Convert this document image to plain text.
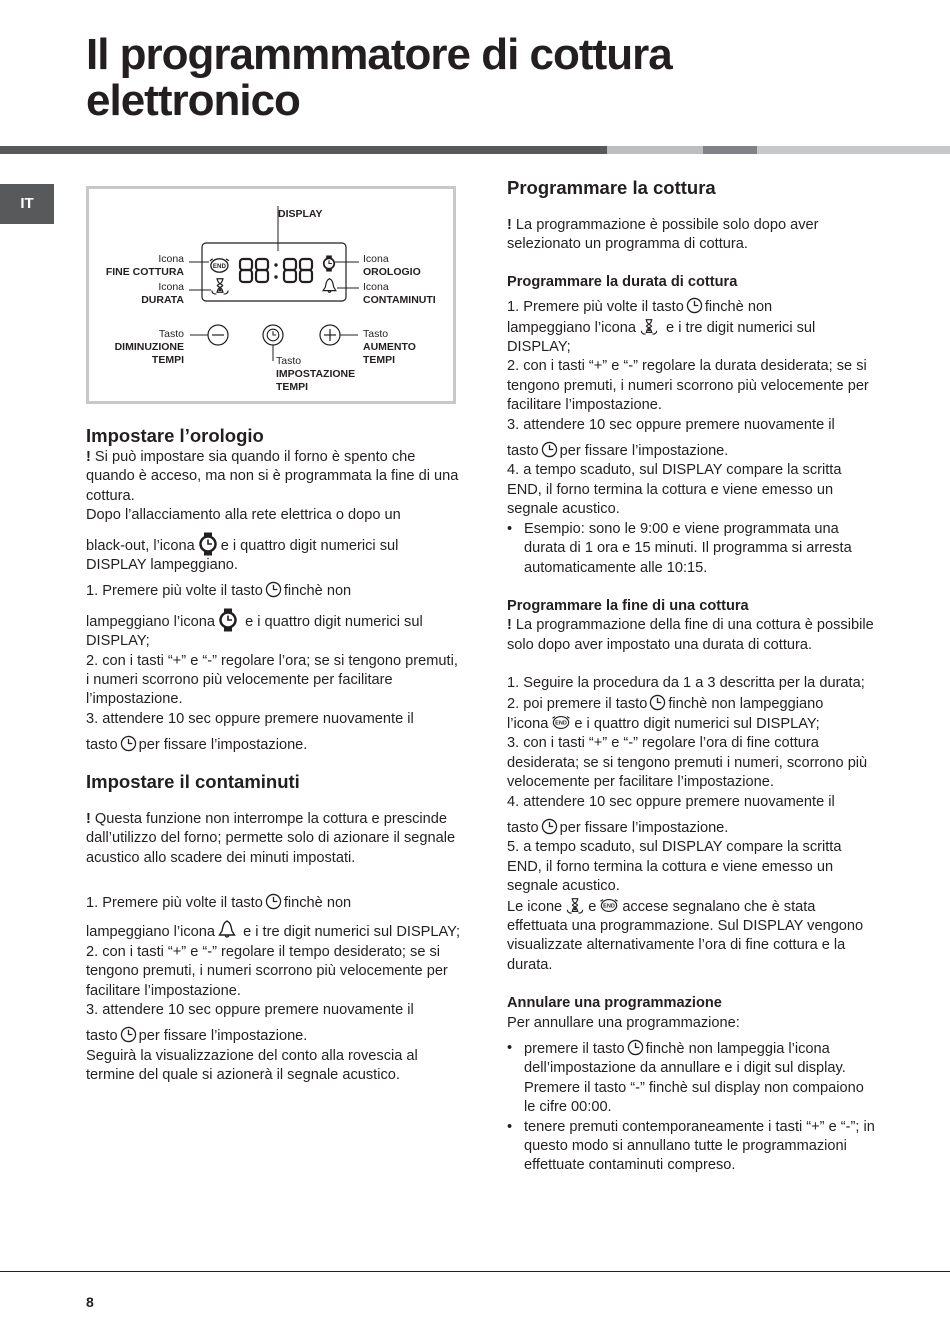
Il programmmatore di cottura
elettronico
IT
DISPLAY
Icona
FINE COTTURA
Icona
DURATA
Icona
OROLOGIO
Icona
CONTAMINUTI
Tasto
DIMINUZIONE
TEMPI
Tasto
AUMENTO
TEMPI
Tasto
IMPOSTAZIONE
TEMPI

Impostare l’orologio

! Si può impostare sia quando il forno è spento che quando è acceso, ma non si è programmata la fine di una cottura.

Dopo l’allacciamento alla rete elettrica o dopo un

black-out, l’icona e i quattro digit numerici sul DISPLAY lampeggiano.

1. Premere più volte il tasto finchè non

lampeggiano l’icona e i quattro digit numerici sul DISPLAY;

2. con i tasti “+” e “-” regolare l’ora; se si tengono premuti, i numeri scorrono più velocemente per facilitare l’impostazione.

3. attendere 10 sec oppure premere nuovamente il

tasto per fissare l’impostazione.

Impostare il contaminuti

! Questa funzione non interrompe la cottura e prescinde dall’utilizzo del forno; permette solo di azionare il segnale acustico allo scadere dei minuti impostati.

1. Premere più volte il tasto finchè non

lampeggiano l’icona e i tre digit numerici sul DISPLAY;

2. con i tasti “+” e “-” regolare il tempo desiderato; se si tengono premuti, i numeri scorrono più velocemente per facilitare l’impostazione.

3. attendere 10 sec oppure premere nuovamente il

tasto per fissare l’impostazione.

Seguirà la visualizzazione del conto alla rovescia al termine del quale si azionerà il segnale acustico.

Programmare la cottura

! La programmazione è possibile solo dopo aver selezionato un programma di cottura.

Programmare la durata di cottura

1. Premere più volte il tasto finchè non

lampeggiano l’icona e i tre digit numerici sul DISPLAY;

2. con i tasti “+” e “-” regolare la durata desiderata; se si tengono premuti, i numeri scorrono più velocemente per facilitare l’impostazione.

3. attendere 10 sec oppure premere nuovamente il

tasto per fissare l’impostazione.

4. a tempo scaduto, sul DISPLAY compare la scritta END, il forno termina la cottura e viene emesso un segnale acustico.

• Esempio: sono le 9:00 e viene programmata una durata di 1 ora e 15 minuti. Il programma si arresta automaticamente alle 10:15.

Programmare la fine di una cottura

! La programmazione della fine di una cottura è possibile solo dopo aver impostato una durata di cottura.

1. Seguire la procedura da 1 a 3 descritta per la durata;

2. poi premere il tasto finchè non lampeggiano

l’icona e i quattro digit numerici sul DISPLAY;

3. con i tasti “+” e “-” regolare l’ora di fine cottura desiderata; se si tengono premuti i numeri, scorrono più velocemente per facilitare l’impostazione.

4. attendere 10 sec oppure premere nuovamente il

tasto per fissare l’impostazione.

5. a tempo scaduto, sul DISPLAY compare la scritta END, il forno termina la cottura e viene emesso un segnale acustico.

Le icone e accese segnalano che è stata effettuata una programmazione. Sul DISPLAY vengono visualizzate alternativamente l’ora di fine cottura e la durata.

Annulare una programmazione

Per annullare una programmazione:

• premere il tasto finchè non lampeggia l’icona dell’impostazione da annullare e i digit sul display. Premere il tasto “-” finchè sul display non compaiono le cifre 00:00.
• tenere premuti contemporaneamente i tasti “+” e “-”; in questo modo si annullano tutte le programmazioni effettuate contaminuti compreso.
8
